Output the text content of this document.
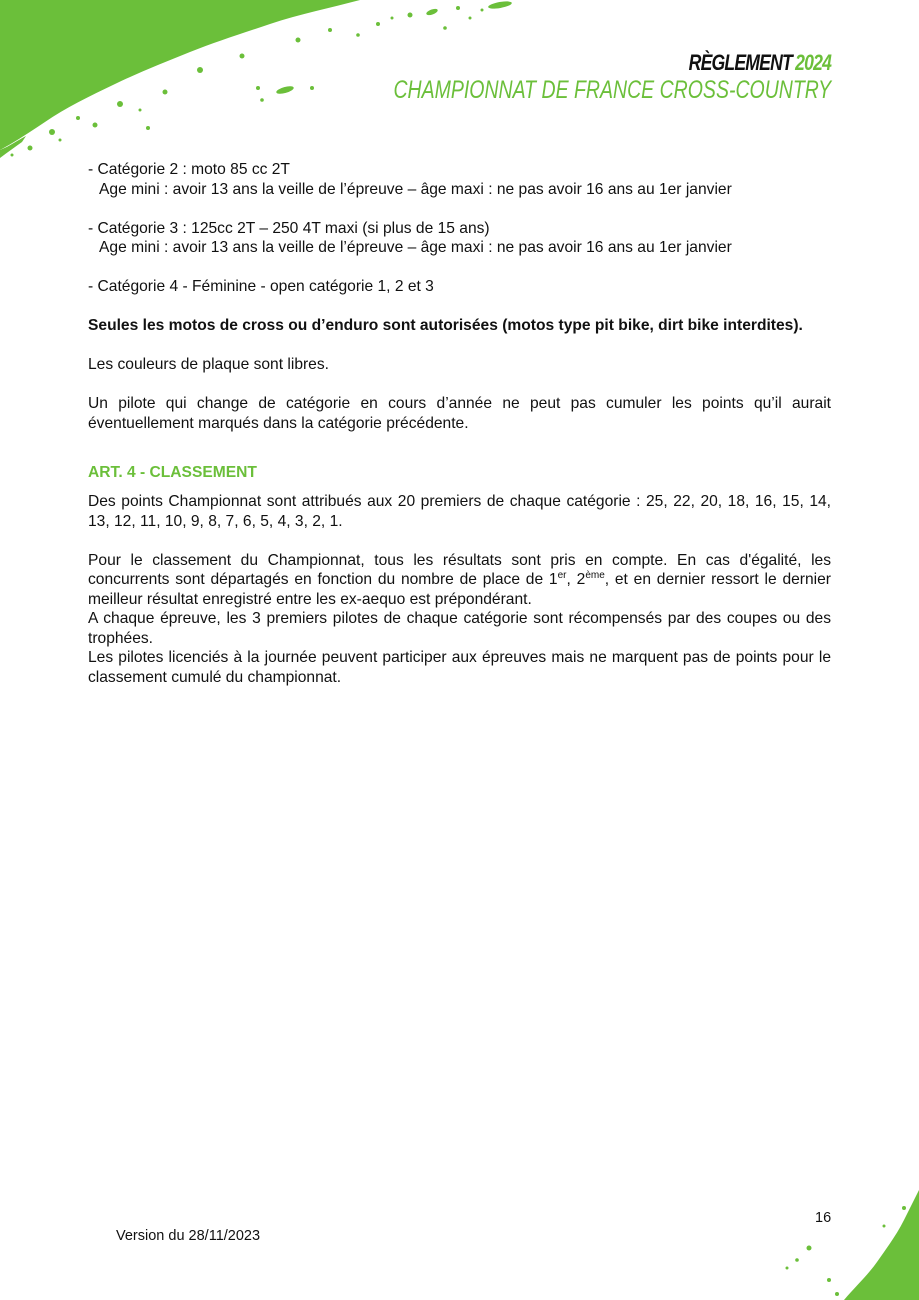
RÈGLEMENT 2024
CHAMPIONNAT DE FRANCE CROSS-COUNTRY

- Catégorie 2 : moto 85 cc 2T

Age mini : avoir 13 ans la veille de l’épreuve – âge maxi : ne pas avoir 16 ans au 1er janvier

- Catégorie 3 : 125cc 2T – 250 4T maxi (si plus de 15 ans)

Age mini : avoir 13 ans la veille de l’épreuve – âge maxi : ne pas avoir 16 ans au 1er janvier

- Catégorie 4 - Féminine - open catégorie 1, 2 et 3

Seules les motos de cross ou d’enduro sont autorisées (motos type pit bike, dirt bike interdites).

Les couleurs de plaque sont libres.

Un pilote qui change de catégorie en cours d’année ne peut pas cumuler les points qu’il aurait éventuellement marqués dans la catégorie précédente.

ART. 4 - CLASSEMENT

Des points Championnat sont attribués aux 20 premiers de chaque catégorie : 25, 22, 20, 18, 16, 15, 14, 13, 12, 11, 10, 9, 8, 7, 6, 5, 4, 3, 2, 1.

Pour le classement du Championnat, tous les résultats sont pris en compte. En cas d'égalité, les concurrents sont départagés en fonction du nombre de place de 1er, 2ème, et en dernier ressort le dernier meilleur résultat enregistré entre les ex-aequo est prépondérant.

A chaque épreuve, les 3 premiers pilotes de chaque catégorie sont récompensés par des coupes ou des trophées.

Les pilotes licenciés à la journée peuvent participer aux épreuves mais ne marquent pas de points pour le classement cumulé du championnat.

Version du 28/11/2023
16
